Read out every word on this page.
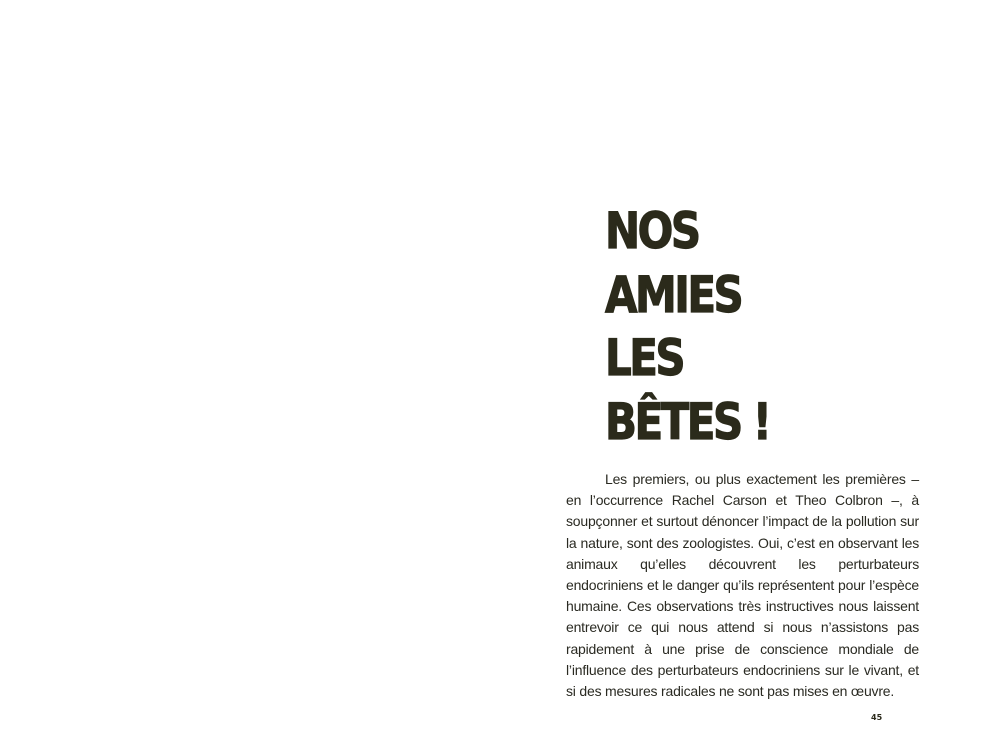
NOS
AMIES
LES
BÊTES !

Les premiers, ou plus exactement les premières – en l’occurrence Rachel Carson et Theo Colbron –, à soupçonner et surtout dénoncer l’impact de la pollution sur la nature, sont des zoologistes. Oui, c’est en observant les animaux qu’elles découvrent les perturbateurs endocriniens et le danger qu’ils représentent pour l’espèce humaine. Ces observations très instructives nous laissent entrevoir ce qui nous attend si nous n’assistons pas rapidement à une prise de conscience mondiale de l’influence des perturbateurs endocriniens sur le vivant, et si des mesures radicales ne sont pas mises en œuvre.

45
